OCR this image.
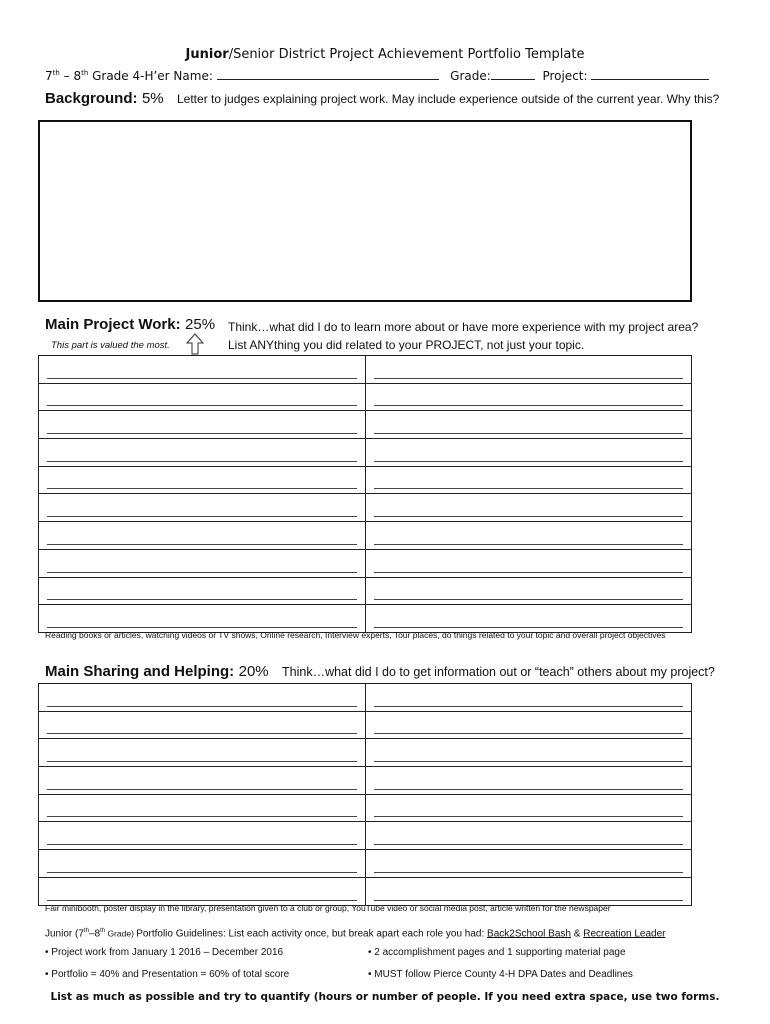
Junior/Senior District Project Achievement Portfolio Template
7th – 8th Grade 4-H’er Name:	Grade:	Project:
Background: 5% Letter to judges explaining project work. May include experience outside of the current year. Why this?
Main Project Work: 25% Think…what did I do to learn more about or have more experience with my project area?
List ANYthing you did related to your PROJECT, not just your topic.
This part is valued the most.
Reading books or articles, watching videos or TV shows, Online research, Interview experts, Tour places, do things related to your topic and overall project objectives
Main Sharing and Helping: 20% Think…what did I do to get information out or “teach” others about my project?
Fair minibooth, poster display in the library, presentation given to a club or group, YouTube video or social media post, article written for the newspaper
Junior (7th–8th Grade) Portfolio Guidelines: List each activity once, but break apart each role you had: Back2School Bash & Recreation Leader
• Project work from January 1 2016 – December 2016	• 2 accomplishment pages and 1 supporting material page
• Portfolio = 40% and Presentation = 60% of total score	• MUST follow Pierce County 4-H DPA Dates and Deadlines
List as much as possible and try to quantify (hours or number of people. If you need extra space, use two forms.
